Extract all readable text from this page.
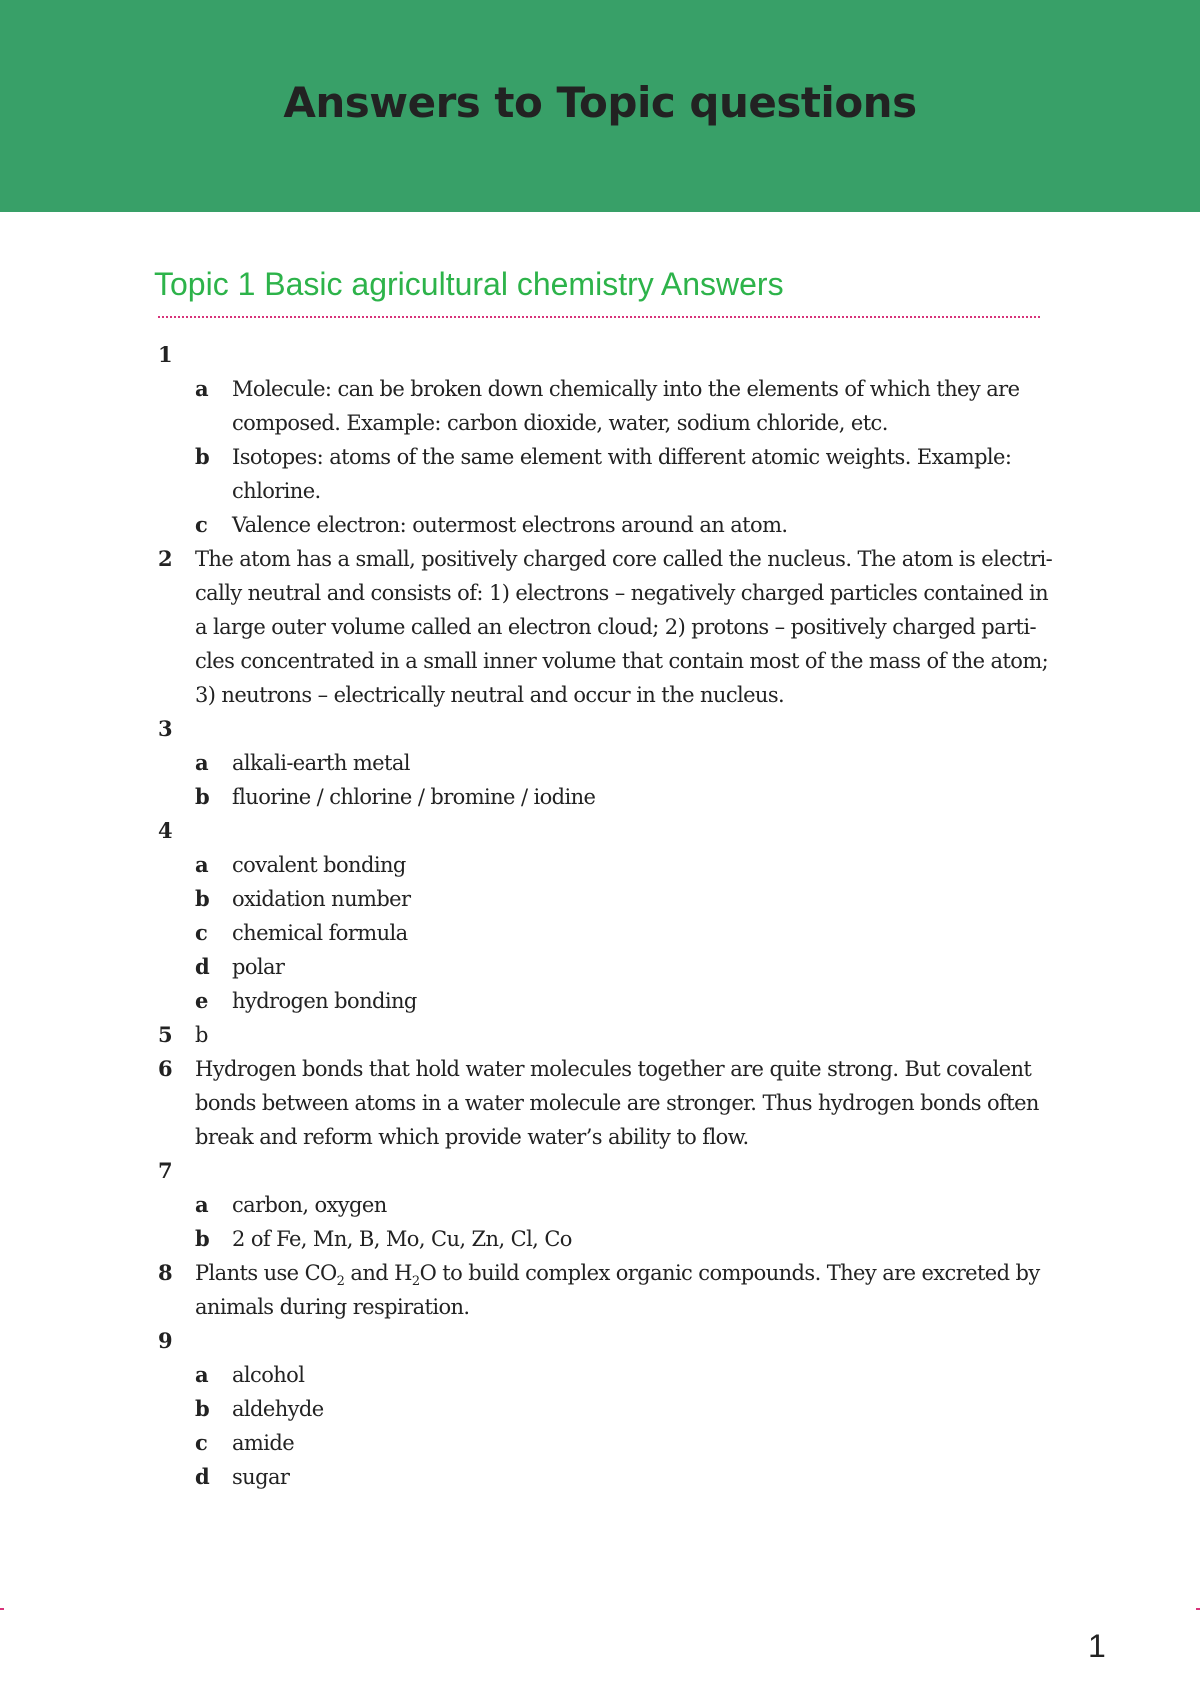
Answers to Topic questions
Topic 1 Basic agricultural chemistry Answers
1
a	Molecule: can be broken down chemically into the elements of which they are
composed. Example: carbon dioxide, water, sodium chloride, etc.
b	Isotopes: atoms of the same element with different atomic weights. Example:
chlorine.
c	Valence electron: outermost electrons around an atom.
2	The atom has a small, positively charged core called the nucleus. The atom is electri-
cally neutral and consists of: 1) electrons – negatively charged particles contained in
a large outer volume called an electron cloud; 2) protons – positively charged parti-
cles concentrated in a small inner volume that contain most of the mass of the atom;
3) neutrons – electrically neutral and occur in the nucleus.
3
a	alkali-earth metal
b	fluorine / chlorine / bromine / iodine
4
a	covalent bonding
b	oxidation number
c	chemical formula
d	polar
e	hydrogen bonding
5	b
6	Hydrogen bonds that hold water molecules together are quite strong. But covalent
bonds between atoms in a water molecule are stronger. Thus hydrogen bonds often
break and reform which provide water’s ability to flow.
7
a	carbon, oxygen
b	2 of Fe, Mn, B, Mo, Cu, Zn, Cl, Co
8	Plants use $CO_2$ and $H_2O$ to build complex organic compounds. They are excreted by
animals during respiration.
9
a	alcohol
b	aldehyde
c	amide
d	sugar
1
